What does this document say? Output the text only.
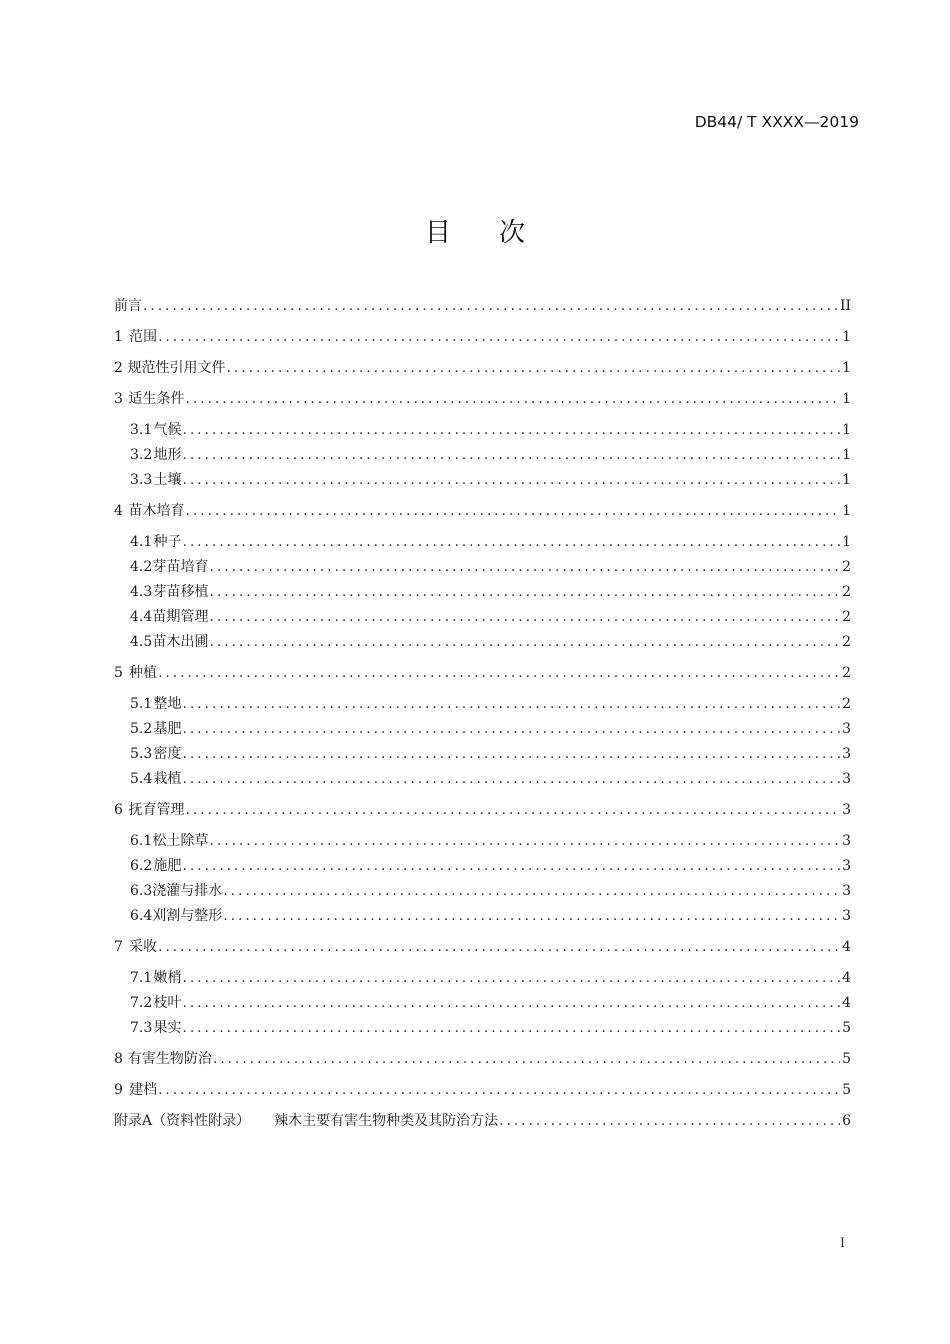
DB44/ T XXXX—2019
目 次
前言 .....	II
1 范围 .....	1
2 规范性引用文件 .....	1
3 适生条件 .....	1
3.1 气候 .....	1
3.2 地形 .....	1
3.3 土壤 .....	1
4 苗木培育 .....	1
4.1 种子 .....	1
4.2 芽苗培育 .....	2
4.3 芽苗移植 .....	2
4.4 苗期管理 .....	2
4.5 苗木出圃 .....	2
5 种植 .....	2
5.1 整地 .....	2
5.2 基肥 .....	3
5.3 密度 .....	3
5.4 栽植 .....	3
6 抚育管理 .....	3
6.1 松土除草 .....	3
6.2 施肥 .....	3
6.3 浇灌与排水 .....	3
6.4 刈割与整形 .....	3
7 采收 .....	4
7.1 嫩梢 .....	4
7.2 枝叶 .....	4
7.3 果实 .....	5
8 有害生物防治 .....	5
9 建档 .....	5
附录A（资料性附录） 辣木主要有害生物种类及其防治方法 .....	6
I
